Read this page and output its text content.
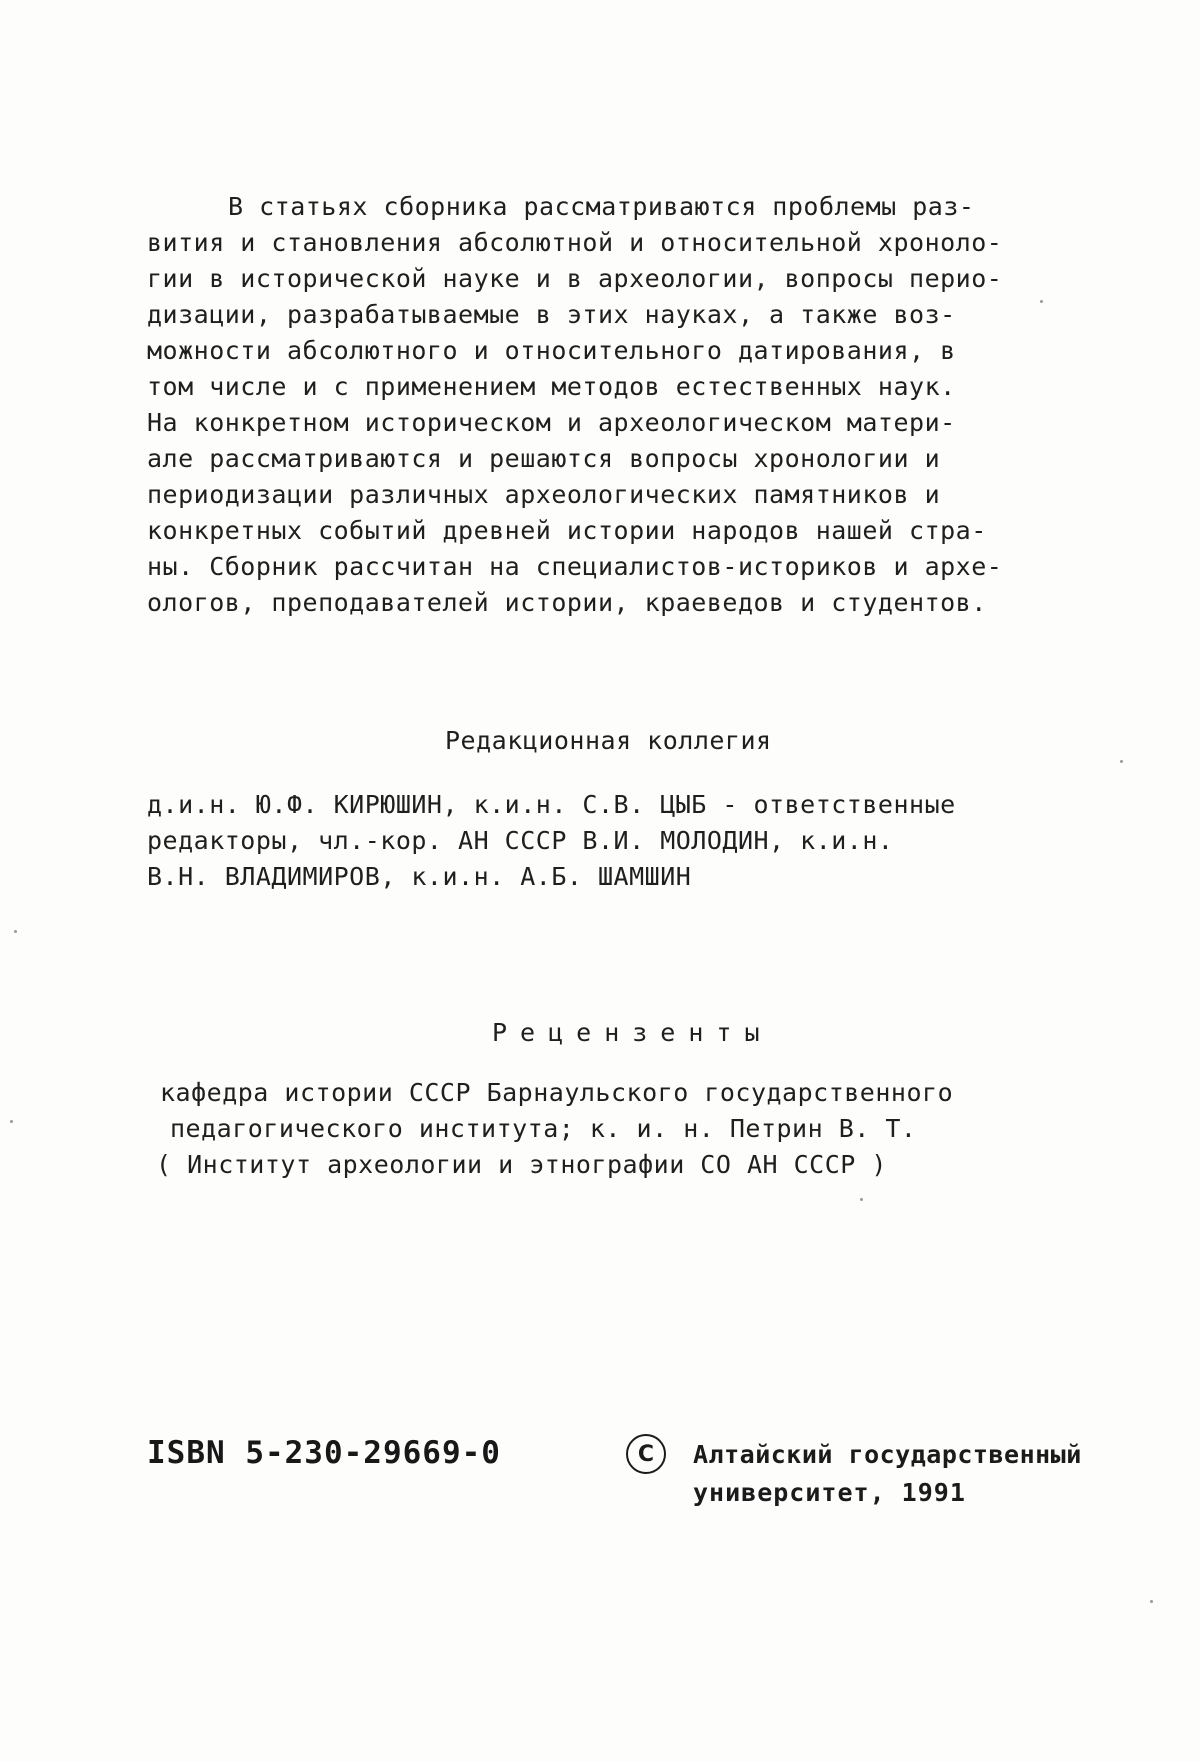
В статьях сборника рассматриваются проблемы раз-
вития и становления абсолютной и относительной хроноло-
гии в исторической науке и в археологии, вопросы перио-
дизации, разрабатываемые в этих науках, а также воз-
можности абсолютного и относительного датирования, в
том числе и с применением методов естественных наук.
На конкретном историческом и археологическом матери-
але рассматриваются и решаются вопросы хронологии и
периодизации различных археологических памятников и
конкретных событий древней истории народов нашей стра-
ны. Сборник рассчитан на специалистов-историков и архе-
ологов, преподавателей истории, краеведов и студентов.
Редакционная коллегия
д.и.н. Ю.Ф. КИРЮШИН, к.и.н. С.В. ЦЫБ - ответственные
редакторы, чл.-кор. АН СССР В.И. МОЛОДИН, к.и.н.
В.Н. ВЛАДИМИРОВ, к.и.н. А.Б. ШАМШИН
Рецензенты
кафедра истории СССР Барнаульского государственного
педагогического института; к. и. н. Петрин В. Т.
( Институт археологии и этнографии СО АН СССР )
ISBN 5-230-29669-0	C	Алтайский государственный
университет, 1991
